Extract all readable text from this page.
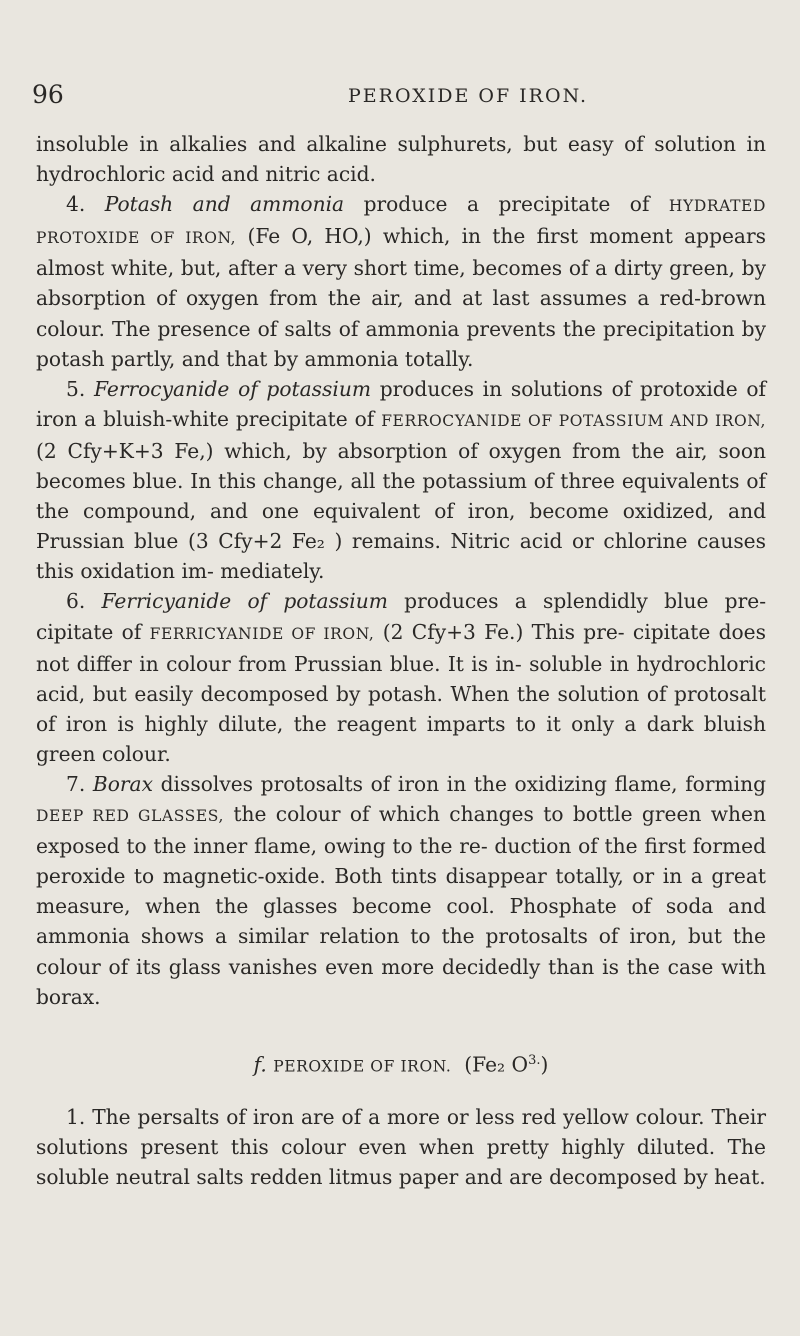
96	PEROXIDE OF IRON.

insoluble in alkalies and alkaline sulphurets, but easy of solution in hydrochloric acid and nitric acid.

4. Potash and ammonia produce a precipitate of HYDRATED PROTOXIDE OF IRON, (Fe O, HO,) which, in the first moment appears almost white, but, after a very short time, becomes of a dirty green, by absorption of oxygen from the air, and at last assumes a red-brown colour. The presence of salts of ammonia prevents the precipitation by potash partly, and that by ammonia totally.

5. Ferrocyanide of potassium produces in solutions of protoxide of iron a bluish-white precipitate of FERROCYANIDE OF POTASSIUM AND IRON, (2 Cfy+K+3 Fe,) which, by absorption of oxygen from the air, soon becomes blue. In this change, all the potassium of three equivalents of the compound, and one equivalent of iron, become oxidized, and Prussian blue (3 Cfy+2 Fe₂ ) remains. Nitric acid or chlorine causes this oxidation im- mediately.

6. Ferricyanide of potassium produces a splendidly blue pre- cipitate of FERRICYANIDE OF IRON, (2 Cfy+3 Fe.) This pre- cipitate does not differ in colour from Prussian blue. It is in- soluble in hydrochloric acid, but easily decomposed by potash. When the solution of protosalt of iron is highly dilute, the reagent imparts to it only a dark bluish green colour.

7. Borax dissolves protosalts of iron in the oxidizing flame, forming DEEP RED GLASSES, the colour of which changes to bottle green when exposed to the inner flame, owing to the re- duction of the first formed peroxide to magnetic-oxide. Both tints disappear totally, or in a great measure, when the glasses become cool. Phosphate of soda and ammonia shows a similar relation to the protosalts of iron, but the colour of its glass vanishes even more decidedly than is the case with borax.

f. PEROXIDE OF IRON. (Fe₂ $O^{3.}$)

1. The persalts of iron are of a more or less red yellow colour. Their solutions present this colour even when pretty highly diluted. The soluble neutral salts redden litmus paper and are decomposed by heat.
